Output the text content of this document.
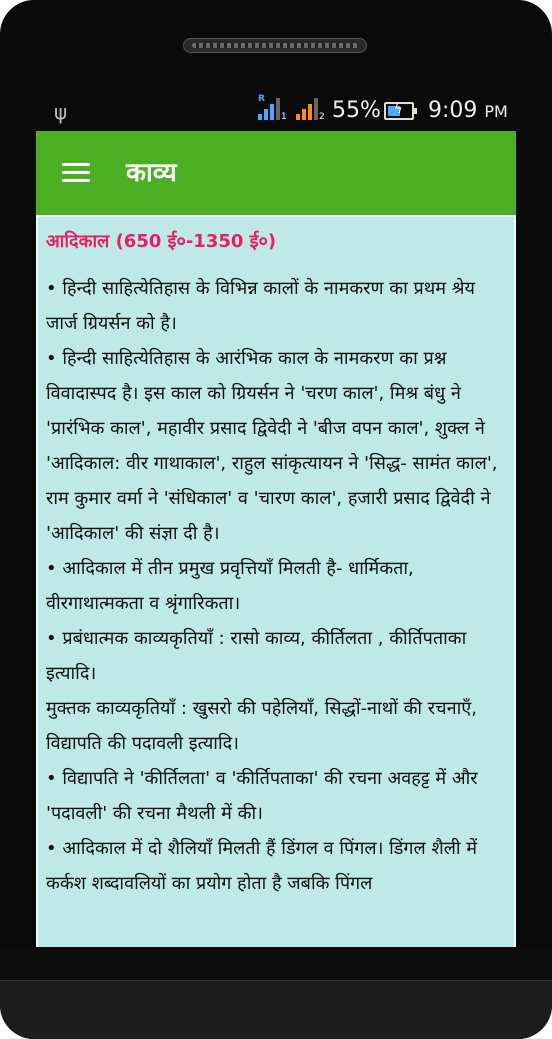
ψ
R
1	2 55% ϟ 9:09 PM
काव्य
आदिकाल (650 ई०-1350 ई०)

• हिन्दी साहित्येतिहास के विभिन्न कालों के नामकरण का प्रथम श्रेय जार्ज ग्रियर्सन को है।

• हिन्दी साहित्येतिहास के आरंभिक काल के नामकरण का प्रश्न विवादास्पद है। इस काल को ग्रियर्सन ने 'चरण काल', मिश्र बंधु ने 'प्रारंभिक काल', महावीर प्रसाद द्विवेदी ने 'बीज वपन काल', शुक्ल ने 'आदिकाल: वीर गाथाकाल', राहुल सांकृत्यायन ने 'सिद्ध- सामंत काल', राम कुमार वर्मा ने 'संधिकाल' व 'चारण काल', हजारी प्रसाद द्विवेदी ने 'आदिकाल' की संज्ञा दी है।

• आदिकाल में तीन प्रमुख प्रवृत्तियाँ मिलती है- धार्मिकता, वीरगाथात्मकता व श्रृंगारिकता।

• प्रबंधात्मक काव्यकृतियाँ : रासो काव्य, कीर्तिलता , कीर्तिपताका इत्यादि।

मुक्तक काव्यकृतियाँ : खुसरो की पहेलियाँ, सिद्धों-नाथों की रचनाएँ, विद्यापति की पदावली इत्यादि।

• विद्यापति ने 'कीर्तिलता' व 'कीर्तिपताका' की रचना अवहट्ट में और 'पदावली' की रचना मैथली में की।

• आदिकाल में दो शैलियाँ मिलती हैं डिंगल व पिंगल। डिंगल शैली में कर्कश शब्दावलियों का प्रयोग होता है जबकि पिंगल
